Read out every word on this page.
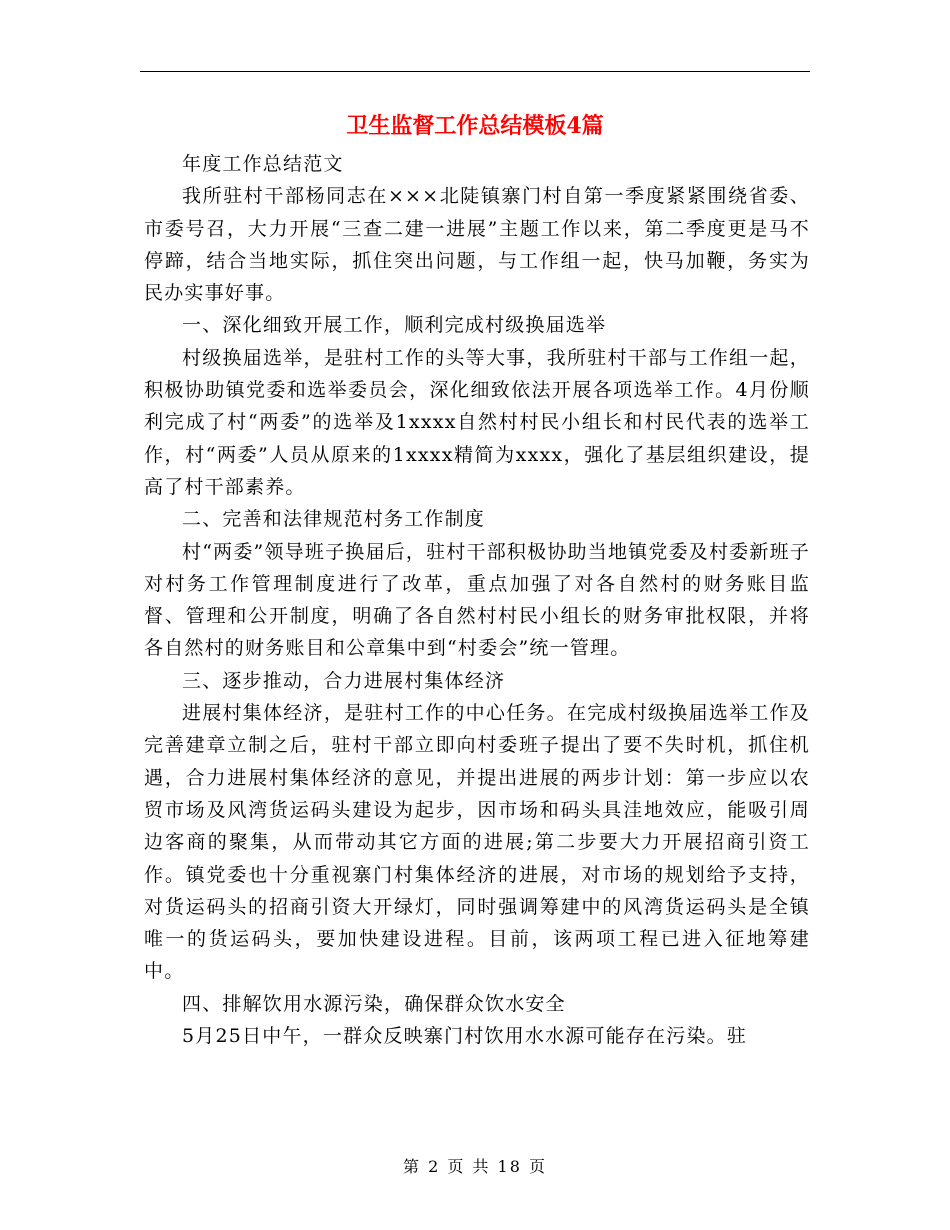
卫生监督工作总结模板4篇

年度工作总结范文

我所驻村干部杨同志在×××北陡镇寨门村自第一季度紧紧围绕省委、市委号召，大力开展“三查二建一进展”主题工作以来，第二季度更是马不停蹄，结合当地实际，抓住突出问题，与工作组一起，快马加鞭，务实为民办实事好事。

一、深化细致开展工作，顺利完成村级换届选举

村级换届选举，是驻村工作的头等大事，我所驻村干部与工作组一起，积极协助镇党委和选举委员会，深化细致依法开展各项选举工作。4月份顺利完成了村“两委”的选举及1xxxx自然村村民小组长和村民代表的选举工作，村“两委”人员从原来的1xxxx精简为xxxx，强化了基层组织建设，提高了村干部素养。

二、完善和法律规范村务工作制度

村“两委”领导班子换届后，驻村干部积极协助当地镇党委及村委新班子对村务工作管理制度进行了改革，重点加强了对各自然村的财务账目监督、管理和公开制度，明确了各自然村村民小组长的财务审批权限，并将各自然村的财务账目和公章集中到“村委会”统一管理。

三、逐步推动，合力进展村集体经济

进展村集体经济，是驻村工作的中心任务。在完成村级换届选举工作及完善建章立制之后，驻村干部立即向村委班子提出了要不失时机，抓住机遇，合力进展村集体经济的意见，并提出进展的两步计划：第一步应以农贸市场及风湾货运码头建设为起步，因市场和码头具洼地效应，能吸引周边客商的聚集，从而带动其它方面的进展;第二步要大力开展招商引资工作。镇党委也十分重视寨门村集体经济的进展，对市场的规划给予支持，对货运码头的招商引资大开绿灯，同时强调筹建中的风湾货运码头是全镇唯一的货运码头，要加快建设进程。目前，该两项工程已进入征地筹建中。

四、排解饮用水源污染，确保群众饮水安全

5月25日中午，一群众反映寨门村饮用水水源可能存在污染。驻

第 2 页 共 18 页
